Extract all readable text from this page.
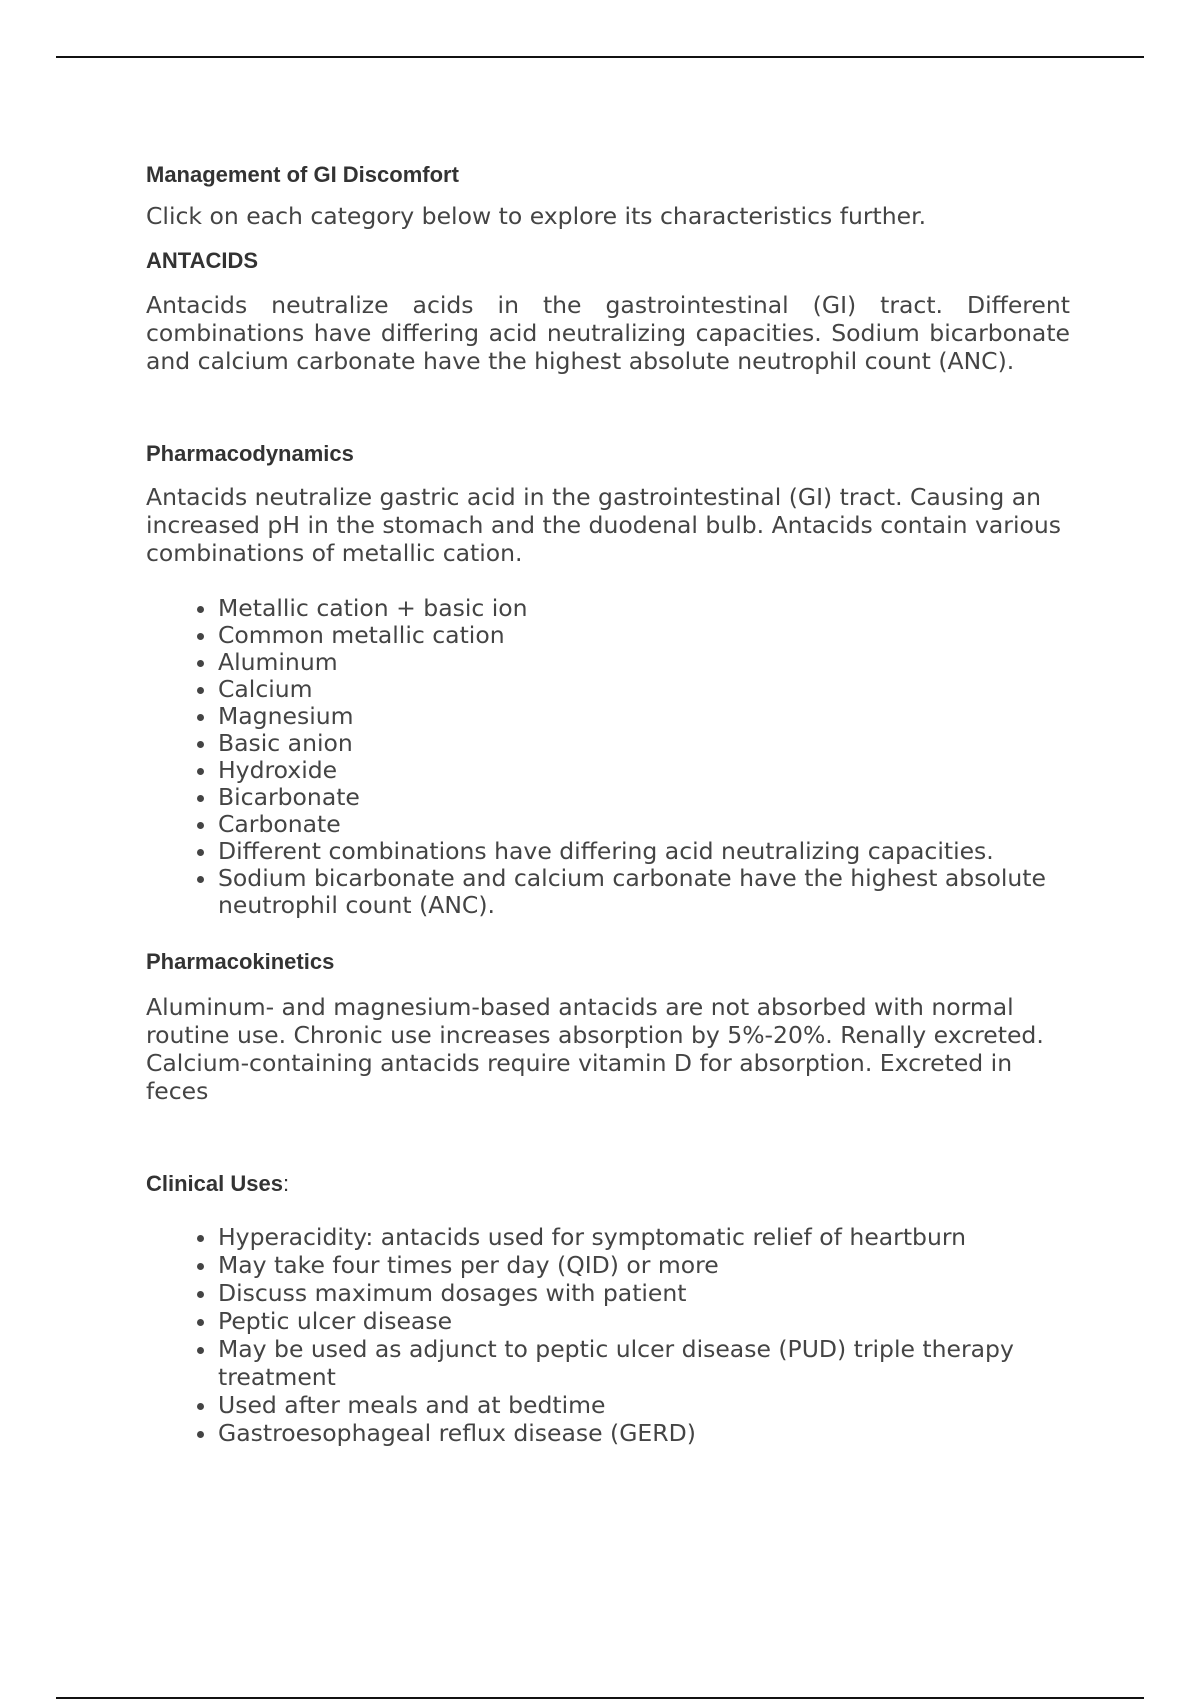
Management of GI Discomfort

Click on each category below to explore its characteristics further.

ANTACIDS

Antacids neutralize acids in the gastrointestinal (GI) tract. Different combinations have differing acid neutralizing capacities. Sodium bicarbonate and calcium carbonate have the highest absolute neutrophil count (ANC).

Pharmacodynamics

Antacids neutralize gastric acid in the gastrointestinal (GI) tract. Causing an increased pH in the stomach and the duodenal bulb. Antacids contain various combinations of metallic cation.

• Metallic cation + basic ion
• Common metallic cation
• Aluminum
• Calcium
• Magnesium
• Basic anion
• Hydroxide
• Bicarbonate
• Carbonate
• Different combinations have differing acid neutralizing capacities.
• Sodium bicarbonate and calcium carbonate have the highest absolute neutrophil count (ANC).
Pharmacokinetics

Aluminum- and magnesium-based antacids are not absorbed with normal routine use. Chronic use increases absorption by 5%-20%. Renally excreted. Calcium-containing antacids require vitamin D for absorption. Excreted in feces

Clinical Uses:
• Hyperacidity: antacids used for symptomatic relief of heartburn
• May take four times per day (QID) or more
• Discuss maximum dosages with patient
• Peptic ulcer disease
• May be used as adjunct to peptic ulcer disease (PUD) triple therapy treatment
• Used after meals and at bedtime
• Gastroesophageal reflux disease (GERD)
